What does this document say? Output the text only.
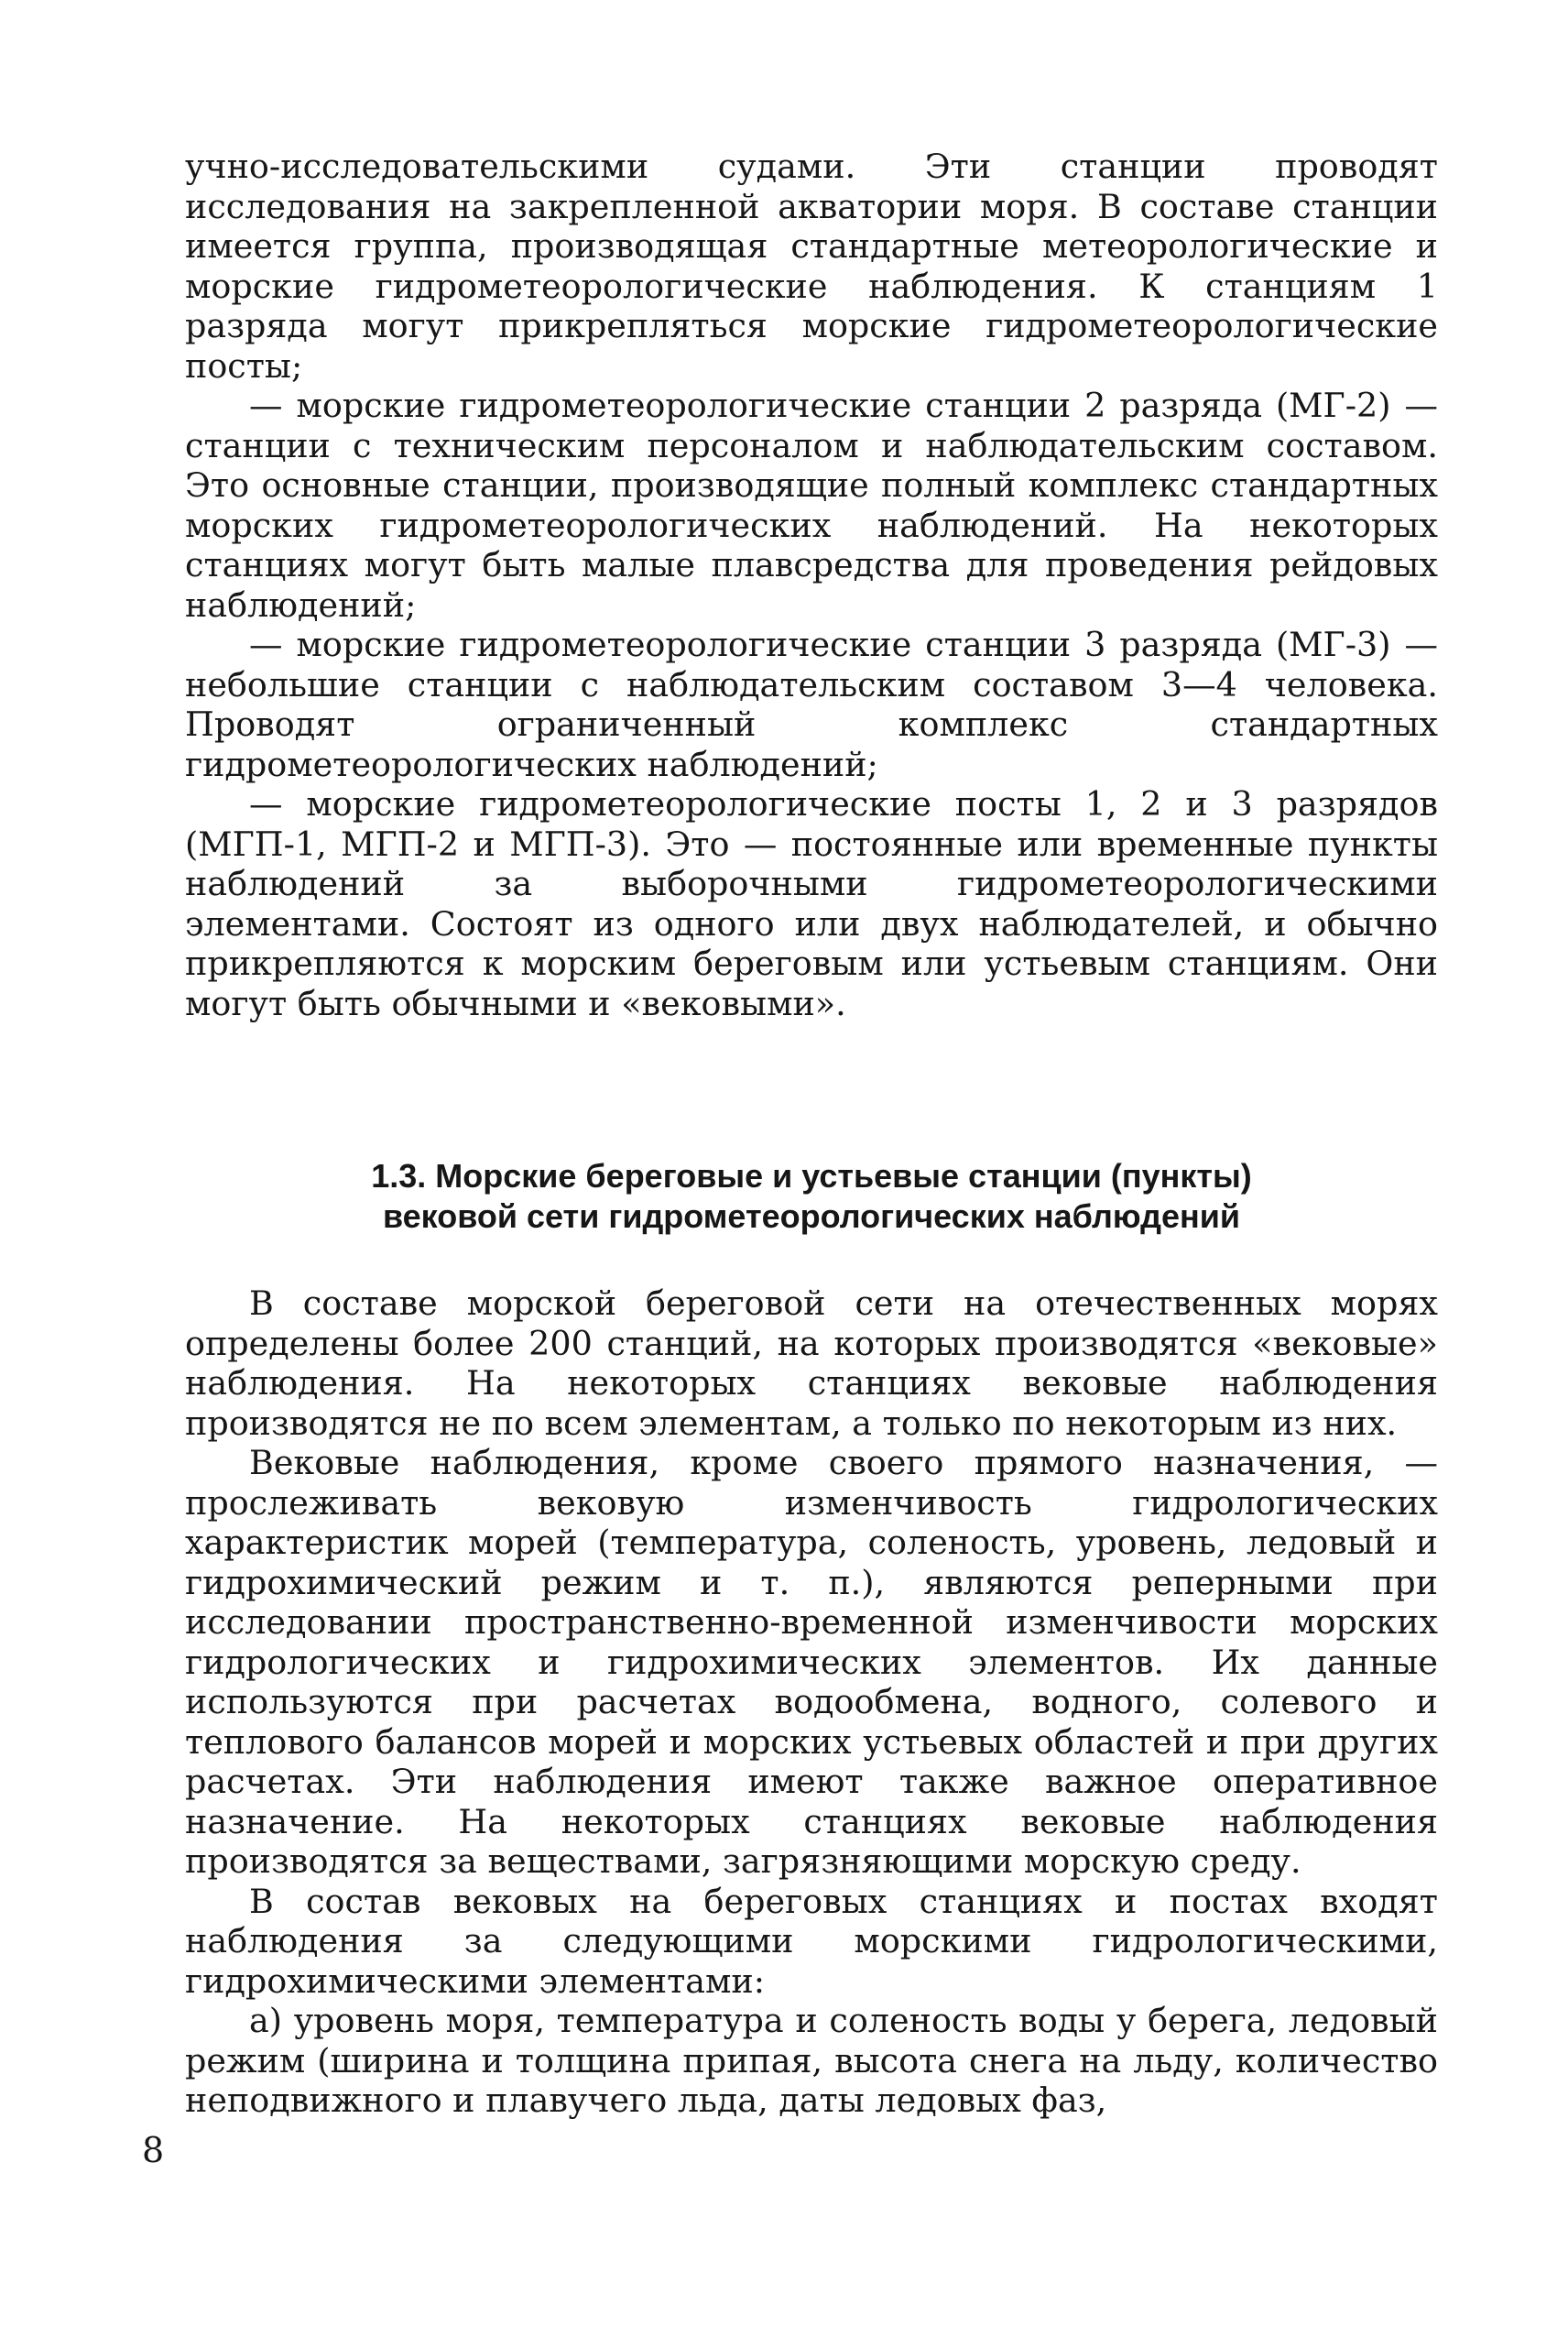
учно-исследовательскими судами. Эти станции проводят исследования на закрепленной акватории моря. В составе станции имеется группа, производящая стандартные метеорологические и морские гидрометеорологические наблюдения. К станциям 1 разряда могут прикрепляться морские гидрометеорологические посты;

— морские гидрометеорологические станции 2 разряда (МГ-2) — станции с техническим персоналом и наблюдательским составом. Это основные станции, производящие полный комплекс стандартных морских гидрометеорологических наблюдений. На некоторых станциях могут быть малые плавсредства для проведения рейдовых наблюдений;

— морские гидрометеорологические станции 3 разряда (МГ-3) — небольшие станции с наблюдательским составом 3—4 человека. Проводят ограниченный комплекс стандартных гидрометеорологических наблюдений;

— морские гидрометеорологические посты 1, 2 и 3 разрядов (МГП-1, МГП-2 и МГП-3). Это — постоянные или временные пункты наблюдений за выборочными гидрометеорологическими элементами. Состоят из одного или двух наблюдателей, и обычно прикрепляются к морским береговым или устьевым станциям. Они могут быть обычными и «вековыми».

1.3. Морские береговые и устьевые станции (пункты)
вековой сети гидрометеорологических наблюдений

В составе морской береговой сети на отечественных морях определены более 200 станций, на которых производятся «вековые» наблюдения. На некоторых станциях вековые наблюдения производятся не по всем элементам, а только по некоторым из них.

Вековые наблюдения, кроме своего прямого назначения, — прослеживать вековую изменчивость гидрологических характеристик морей (температура, соленость, уровень, ледовый и гидрохимический режим и т. п.), являются реперными при исследовании пространственно-временной изменчивости морских гидрологических и гидрохимических элементов. Их данные используются при расчетах водообмена, водного, солевого и теплового балансов морей и морских устьевых областей и при других расчетах. Эти наблюдения имеют также важное оперативное назначение. На некоторых станциях вековые наблюдения производятся за веществами, загрязняющими морскую среду.

В состав вековых на береговых станциях и постах входят наблюдения за следующими морскими гидрологическими, гидрохимическими элементами:

а) уровень моря, температура и соленость воды у берега, ледовый режим (ширина и толщина припая, высота снега на льду, количество неподвижного и плавучего льда, даты ледовых фаз,

8
